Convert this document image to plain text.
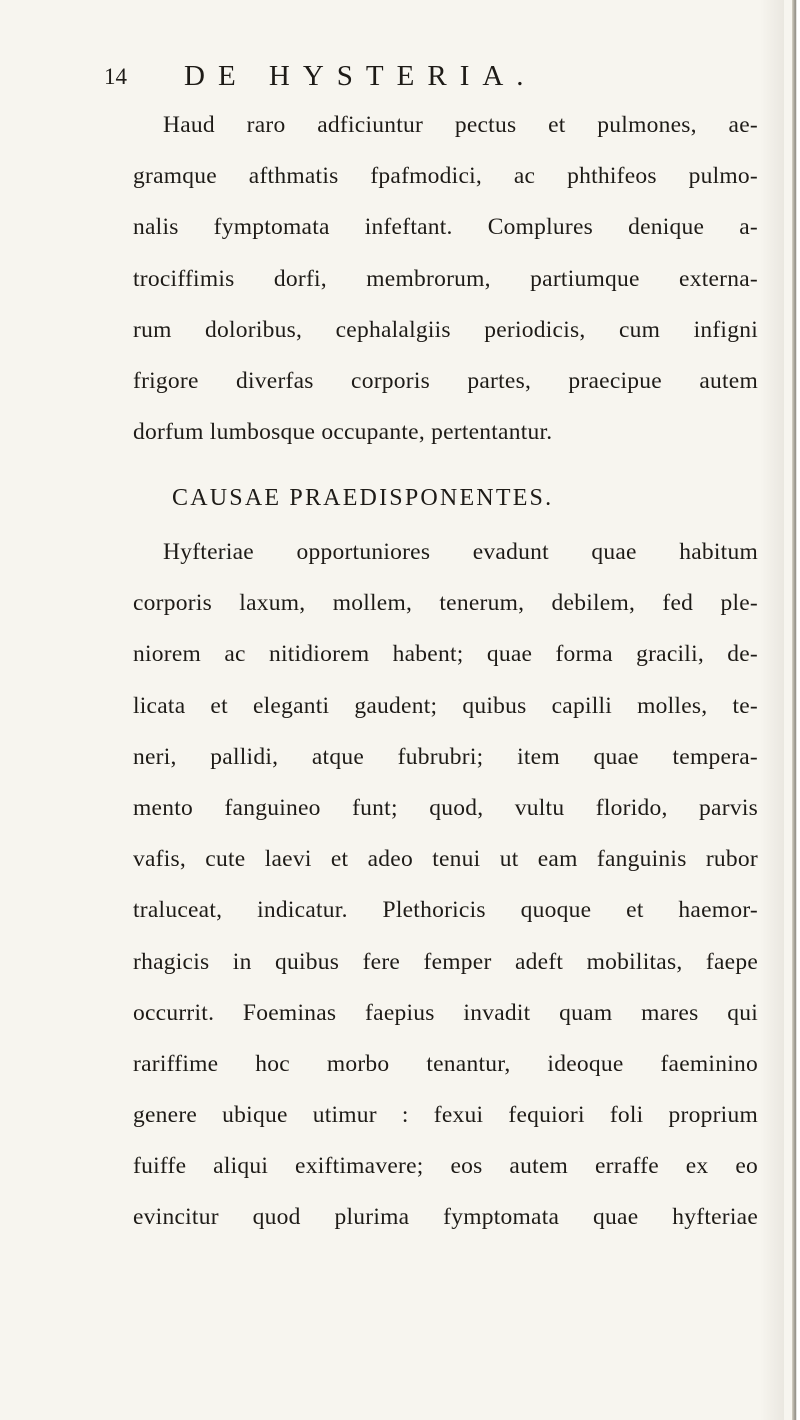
14 DE HYSTERIA.
Haud raro adficiuntur pectus et pulmones, ae-
gramque afthmatis fpafmodici, ac phthifeos pulmo-
nalis fymptomata infeftant. Complures denique a-
trociffimis dorfi, membrorum, partiumque externa-
rum doloribus, cephalalgiis periodicis, cum infigni
frigore diverfas corporis partes, praecipue autem
dorfum lumbosque occupante, pertentantur.
CAUSAE PRAEDISPONENTES.
Hyfteriae opportuniores evadunt quae habitum
corporis laxum, mollem, tenerum, debilem, fed ple-
niorem ac nitidiorem habent; quae forma gracili, de-
licata et eleganti gaudent; quibus capilli molles, te-
neri, pallidi, atque fubrubri; item quae tempera-
mento fanguineo funt; quod, vultu florido, parvis
vafis, cute laevi et adeo tenui ut eam fanguinis rubor
traluceat, indicatur. Plethoricis quoque et haemor-
rhagicis in quibus fere femper adeft mobilitas, faepe
occurrit. Foeminas faepius invadit quam mares qui
rariffime hoc morbo tenantur, ideoque faeminino
genere ubique utimur : fexui fequiori foli proprium
fuiffe aliqui exiftimavere; eos autem erraffe ex eo
evincitur quod plurima fymptomata quae hyfteriae
